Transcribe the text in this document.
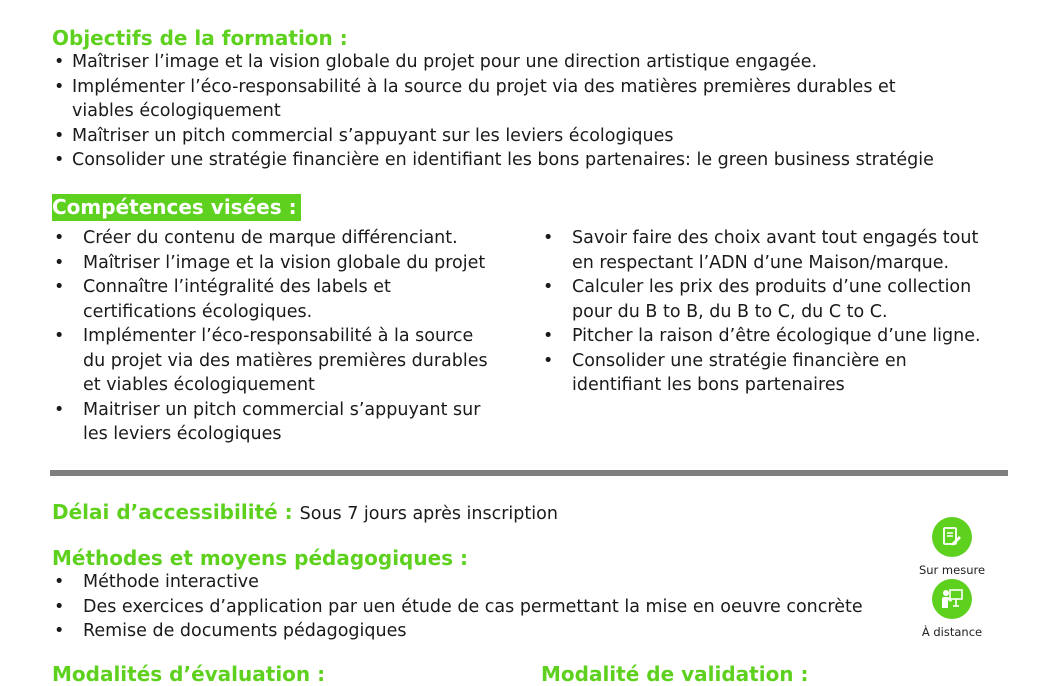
Objectifs de la formation :
• Maîtriser l’image et la vision globale du projet pour une direction artistique engagée.
• Implémenter l’éco-responsabilité à la source du projet via des matières premières durables et
viables écologiquement
• Maîtriser un pitch commercial s’appuyant sur les leviers écologiques
• Consolider une stratégie financière en identifiant les bons partenaires: le green business stratégie
Compétences visées :
• Créer du contenu de marque différenciant.
• Maîtriser l’image et la vision globale du projet
• Connaître l’intégralité des labels et
certifications écologiques.
• Implémenter l’éco-responsabilité à la source
du projet via des matières premières durables
et viables écologiquement
• Maitriser un pitch commercial s’appuyant sur
les leviers écologiques
• Savoir faire des choix avant tout engagés tout
en respectant l’ADN d’une Maison/marque.
• Calculer les prix des produits d’une collection
pour du B to B, du B to C, du C to C.
• Pitcher la raison d’être écologique d’une ligne.
• Consolider une stratégie financière en
identifiant les bons partenaires
Délai d’accessibilité : Sous 7 jours après inscription
Méthodes et moyens pédagogiques :
• Méthode interactive
• Des exercices d’application par uen étude de cas permettant la mise en oeuvre concrète
• Remise de documents pédagogiques
Modalités d’évaluation :	Modalité de validation :
Sur mesure
À distance
